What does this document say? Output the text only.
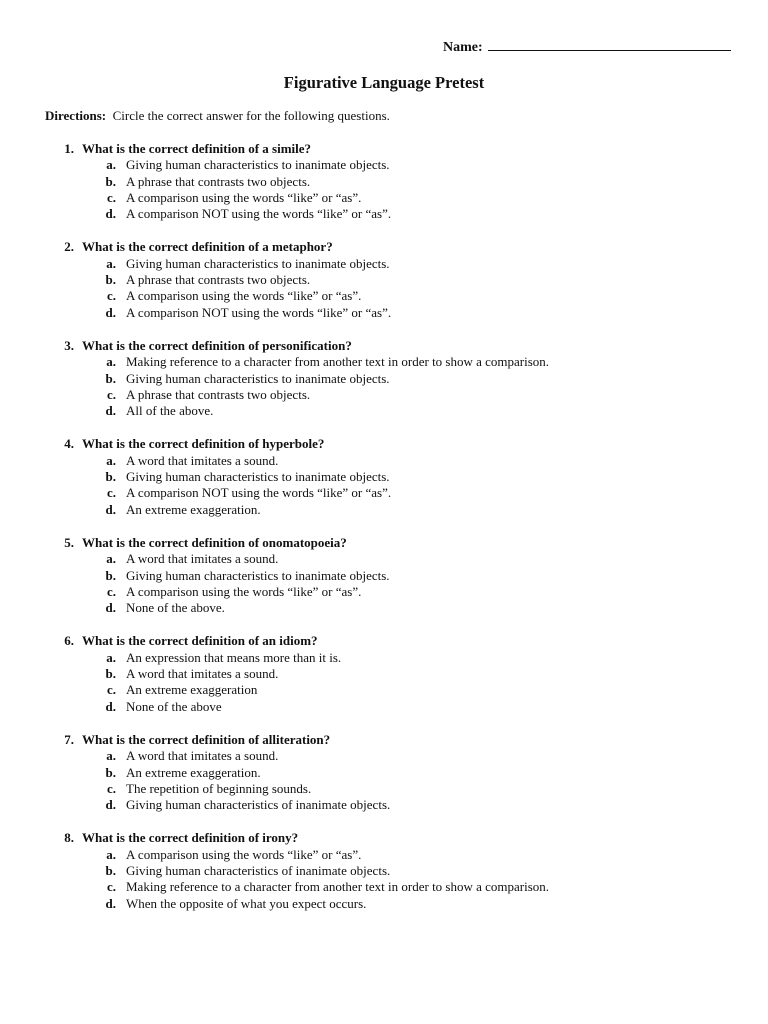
Name:
Figurative Language Pretest
Directions: Circle the correct answer for the following questions.
1. What is the correct definition of a simile?
a. Giving human characteristics to inanimate objects.
b. A phrase that contrasts two objects.
c. A comparison using the words “like” or “as”.
d. A comparison NOT using the words “like” or “as”.
2. What is the correct definition of a metaphor?
a. Giving human characteristics to inanimate objects.
b. A phrase that contrasts two objects.
c. A comparison using the words “like” or “as”.
d. A comparison NOT using the words “like” or “as”.
3. What is the correct definition of personification?
a. Making reference to a character from another text in order to show a comparison.
b. Giving human characteristics to inanimate objects.
c. A phrase that contrasts two objects.
d. All of the above.
4. What is the correct definition of hyperbole?
a. A word that imitates a sound.
b. Giving human characteristics to inanimate objects.
c. A comparison NOT using the words “like” or “as”.
d. An extreme exaggeration.
5. What is the correct definition of onomatopoeia?
a. A word that imitates a sound.
b. Giving human characteristics to inanimate objects.
c. A comparison using the words “like” or “as”.
d. None of the above.
6. What is the correct definition of an idiom?
a. An expression that means more than it is.
b. A word that imitates a sound.
c. An extreme exaggeration
d. None of the above
7. What is the correct definition of alliteration?
a. A word that imitates a sound.
b. An extreme exaggeration.
c. The repetition of beginning sounds.
d. Giving human characteristics of inanimate objects.
8. What is the correct definition of irony?
a. A comparison using the words “like” or “as”.
b. Giving human characteristics of inanimate objects.
c. Making reference to a character from another text in order to show a comparison.
d. When the opposite of what you expect occurs.
